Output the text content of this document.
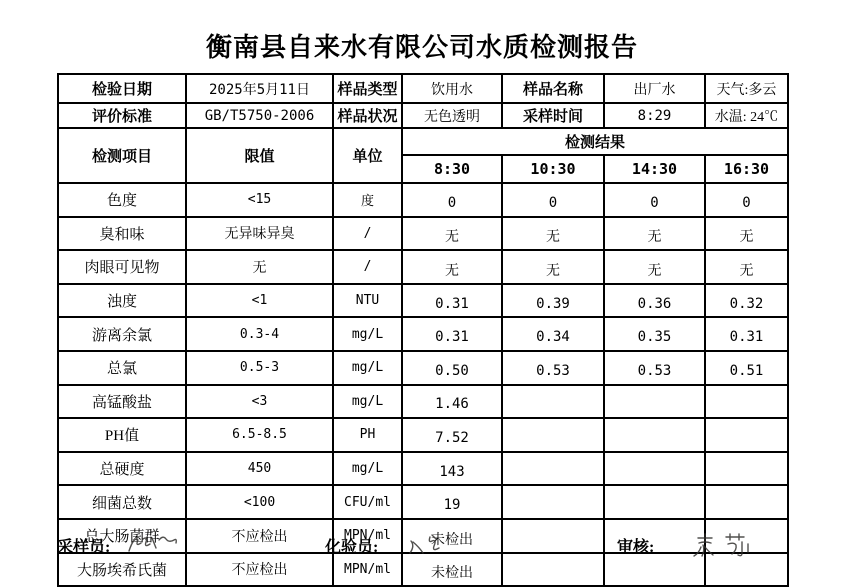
衡南县自来水有限公司水质检测报告
检验日期	2025年5月11日	样品类型	饮用水	样品名称	出厂水	天气:多云
评价标准	GB/T5750-2006	样品状况	无色透明	采样时间	8:29	水温: 24℃
检测项目	限值	单位	检测结果			
			8:30	10:30	14:30	16:30
色度	<15	度	0	0	0	0
臭和味	无异味异臭	/	无	无	无	无
肉眼可见物	无	/	无	无	无	无
浊度	<1	NTU	0.31	0.39	0.36	0.32
游离余氯	0.3-4	mg/L	0.31	0.34	0.35	0.31
总氯	0.5-3	mg/L	0.50	0.53	0.53	0.51
高锰酸盐	<3	mg/L	1.46			
PH值	6.5-8.5	PH	7.52			
总硬度	450	mg/L	143			
细菌总数	<100	CFU/ml	19			
总大肠菌群	不应检出	MPN/ml	未检出			
大肠埃希氏菌	不应检出	MPN/ml	未检出			
采样员:	化验员:	审核:
